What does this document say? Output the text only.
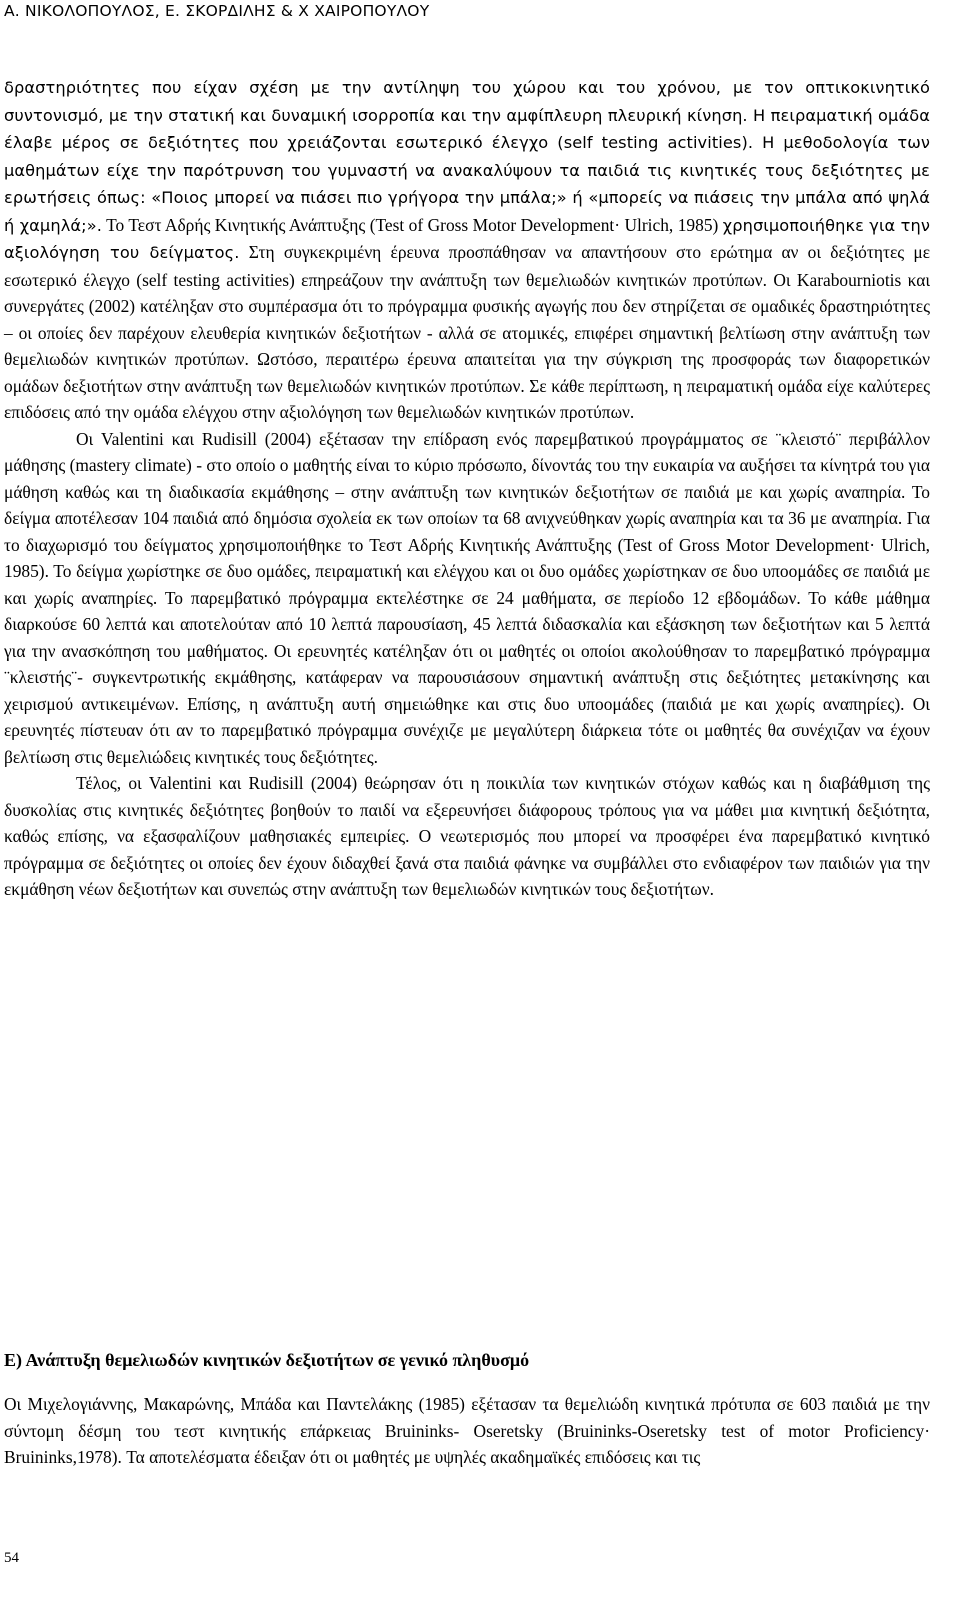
Α. ΝΙΚΟΛΟΠΟΥΛΟΣ, Ε. ΣΚΟΡΔΙΛΗΣ & Χ ΧΑΙΡΟΠΟΥΛΟΥ

δραστηριότητες που είχαν σχέση με την αντίληψη του χώρου και του χρόνου, με τον οπτικοκινητικό συντονισμό, με την στατική και δυναμική ισορροπία και την αμφίπλευρη πλευρική κίνηση. Η πειραματική ομάδα έλαβε μέρος σε δεξιότητες που χρειάζονται εσωτερικό έλεγχο (self testing activities). Η μεθοδολογία των μαθημάτων είχε την παρότρυνση του γυμναστή να ανακαλύψουν τα παιδιά τις κινητικές τους δεξιότητες με ερωτήσεις όπως: «Ποιος μπορεί να πιάσει πιο γρήγορα την μπάλα;» ή «μπορείς να πιάσεις την μπάλα από ψηλά ή χαμηλά;». Το Τεστ Αδρής Κινητικής Ανάπτυξης (Test of Gross Motor Development· Ulrich, 1985) χρησιμοποιήθηκε για την αξιολόγηση του δείγματος. Στη συγκεκριμένη έρευνα προσπάθησαν να απαντήσουν στο ερώτημα αν οι δεξιότητες με εσωτερικό έλεγχο (self testing activities) επηρεάζουν την ανάπτυξη των θεμελιωδών κινητικών προτύπων. Οι Karabourniotis και συνεργάτες (2002) κατέληξαν στο συμπέρασμα ότι το πρόγραμμα φυσικής αγωγής που δεν στηρίζεται σε ομαδικές δραστηριότητες – οι οποίες δεν παρέχουν ελευθερία κινητικών δεξιοτήτων - αλλά σε ατομικές, επιφέρει σημαντική βελτίωση στην ανάπτυξη των θεμελιωδών κινητικών προτύπων. Ωστόσο, περαιτέρω έρευνα απαιτείται για την σύγκριση της προσφοράς των διαφορετικών ομάδων δεξιοτήτων στην ανάπτυξη των θεμελιωδών κινητικών προτύπων. Σε κάθε περίπτωση, η πειραματική ομάδα είχε καλύτερες επιδόσεις από την ομάδα ελέγχου στην αξιολόγηση των θεμελιωδών κινητικών προτύπων.

Οι Valentini και Rudisill (2004) εξέτασαν την επίδραση ενός παρεμβατικού προγράμματος σε ¨κλειστό¨ περιβάλλον μάθησης (mastery climate) - στο οποίο ο μαθητής είναι το κύριο πρόσωπο, δίνοντάς του την ευκαιρία να αυξήσει τα κίνητρά του για μάθηση καθώς και τη διαδικασία εκμάθησης – στην ανάπτυξη των κινητικών δεξιοτήτων σε παιδιά με και χωρίς αναπηρία. Το δείγμα αποτέλεσαν 104 παιδιά από δημόσια σχολεία εκ των οποίων τα 68 ανιχνεύθηκαν χωρίς αναπηρία και τα 36 με αναπηρία. Για το διαχωρισμό του δείγματος χρησιμοποιήθηκε το Τεστ Αδρής Κινητικής Ανάπτυξης (Test of Gross Motor Development· Ulrich, 1985). Το δείγμα χωρίστηκε σε δυο ομάδες, πειραματική και ελέγχου και οι δυο ομάδες χωρίστηκαν σε δυο υποομάδες σε παιδιά με και χωρίς αναπηρίες. Το παρεμβατικό πρόγραμμα εκτελέστηκε σε 24 μαθήματα, σε περίοδο 12 εβδομάδων. Το κάθε μάθημα διαρκούσε 60 λεπτά και αποτελούταν από 10 λεπτά παρουσίαση, 45 λεπτά διδασκαλία και εξάσκηση των δεξιοτήτων και 5 λεπτά για την ανασκόπηση του μαθήματος. Οι ερευνητές κατέληξαν ότι οι μαθητές οι οποίοι ακολούθησαν το παρεμβατικό πρόγραμμα ¨κλειστής¨- συγκεντρωτικής εκμάθησης, κατάφεραν να παρουσιάσουν σημαντική ανάπτυξη στις δεξιότητες μετακίνησης και χειρισμού αντικειμένων. Επίσης, η ανάπτυξη αυτή σημειώθηκε και στις δυο υποομάδες (παιδιά με και χωρίς αναπηρίες). Οι ερευνητές πίστευαν ότι αν το παρεμβατικό πρόγραμμα συνέχιζε με μεγαλύτερη διάρκεια τότε οι μαθητές θα συνέχιζαν να έχουν βελτίωση στις θεμελιώδεις κινητικές τους δεξιότητες.

Τέλος, οι Valentini και Rudisill (2004) θεώρησαν ότι η ποικιλία των κινητικών στόχων καθώς και η διαβάθμιση της δυσκολίας στις κινητικές δεξιότητες βοηθούν το παιδί να εξερευνήσει διάφορους τρόπους για να μάθει μια κινητική δεξιότητα, καθώς επίσης, να εξασφαλίζουν μαθησιακές εμπειρίες. Ο νεωτερισμός που μπορεί να προσφέρει ένα παρεμβατικό κινητικό πρόγραμμα σε δεξιότητες οι οποίες δεν έχουν διδαχθεί ξανά στα παιδιά φάνηκε να συμβάλλει στο ενδιαφέρον των παιδιών για την εκμάθηση νέων δεξιοτήτων και συνεπώς στην ανάπτυξη των θεμελιωδών κινητικών τους δεξιοτήτων.

Ε) Ανάπτυξη θεμελιωδών κινητικών δεξιοτήτων σε γενικό πληθυσμό

Οι Μιχελογιάννης, Μακαρώνης, Μπάδα και Παντελάκης (1985) εξέτασαν τα θεμελιώδη κινητικά πρότυπα σε 603 παιδιά με την σύντομη δέσμη του τεστ κινητικής επάρκειας Bruininks- Oseretsky (Bruininks-Oseretsky test of motor Proficiency· Bruininks,1978). Τα αποτελέσματα έδειξαν ότι οι μαθητές με υψηλές ακαδημαϊκές επιδόσεις και τις

54
